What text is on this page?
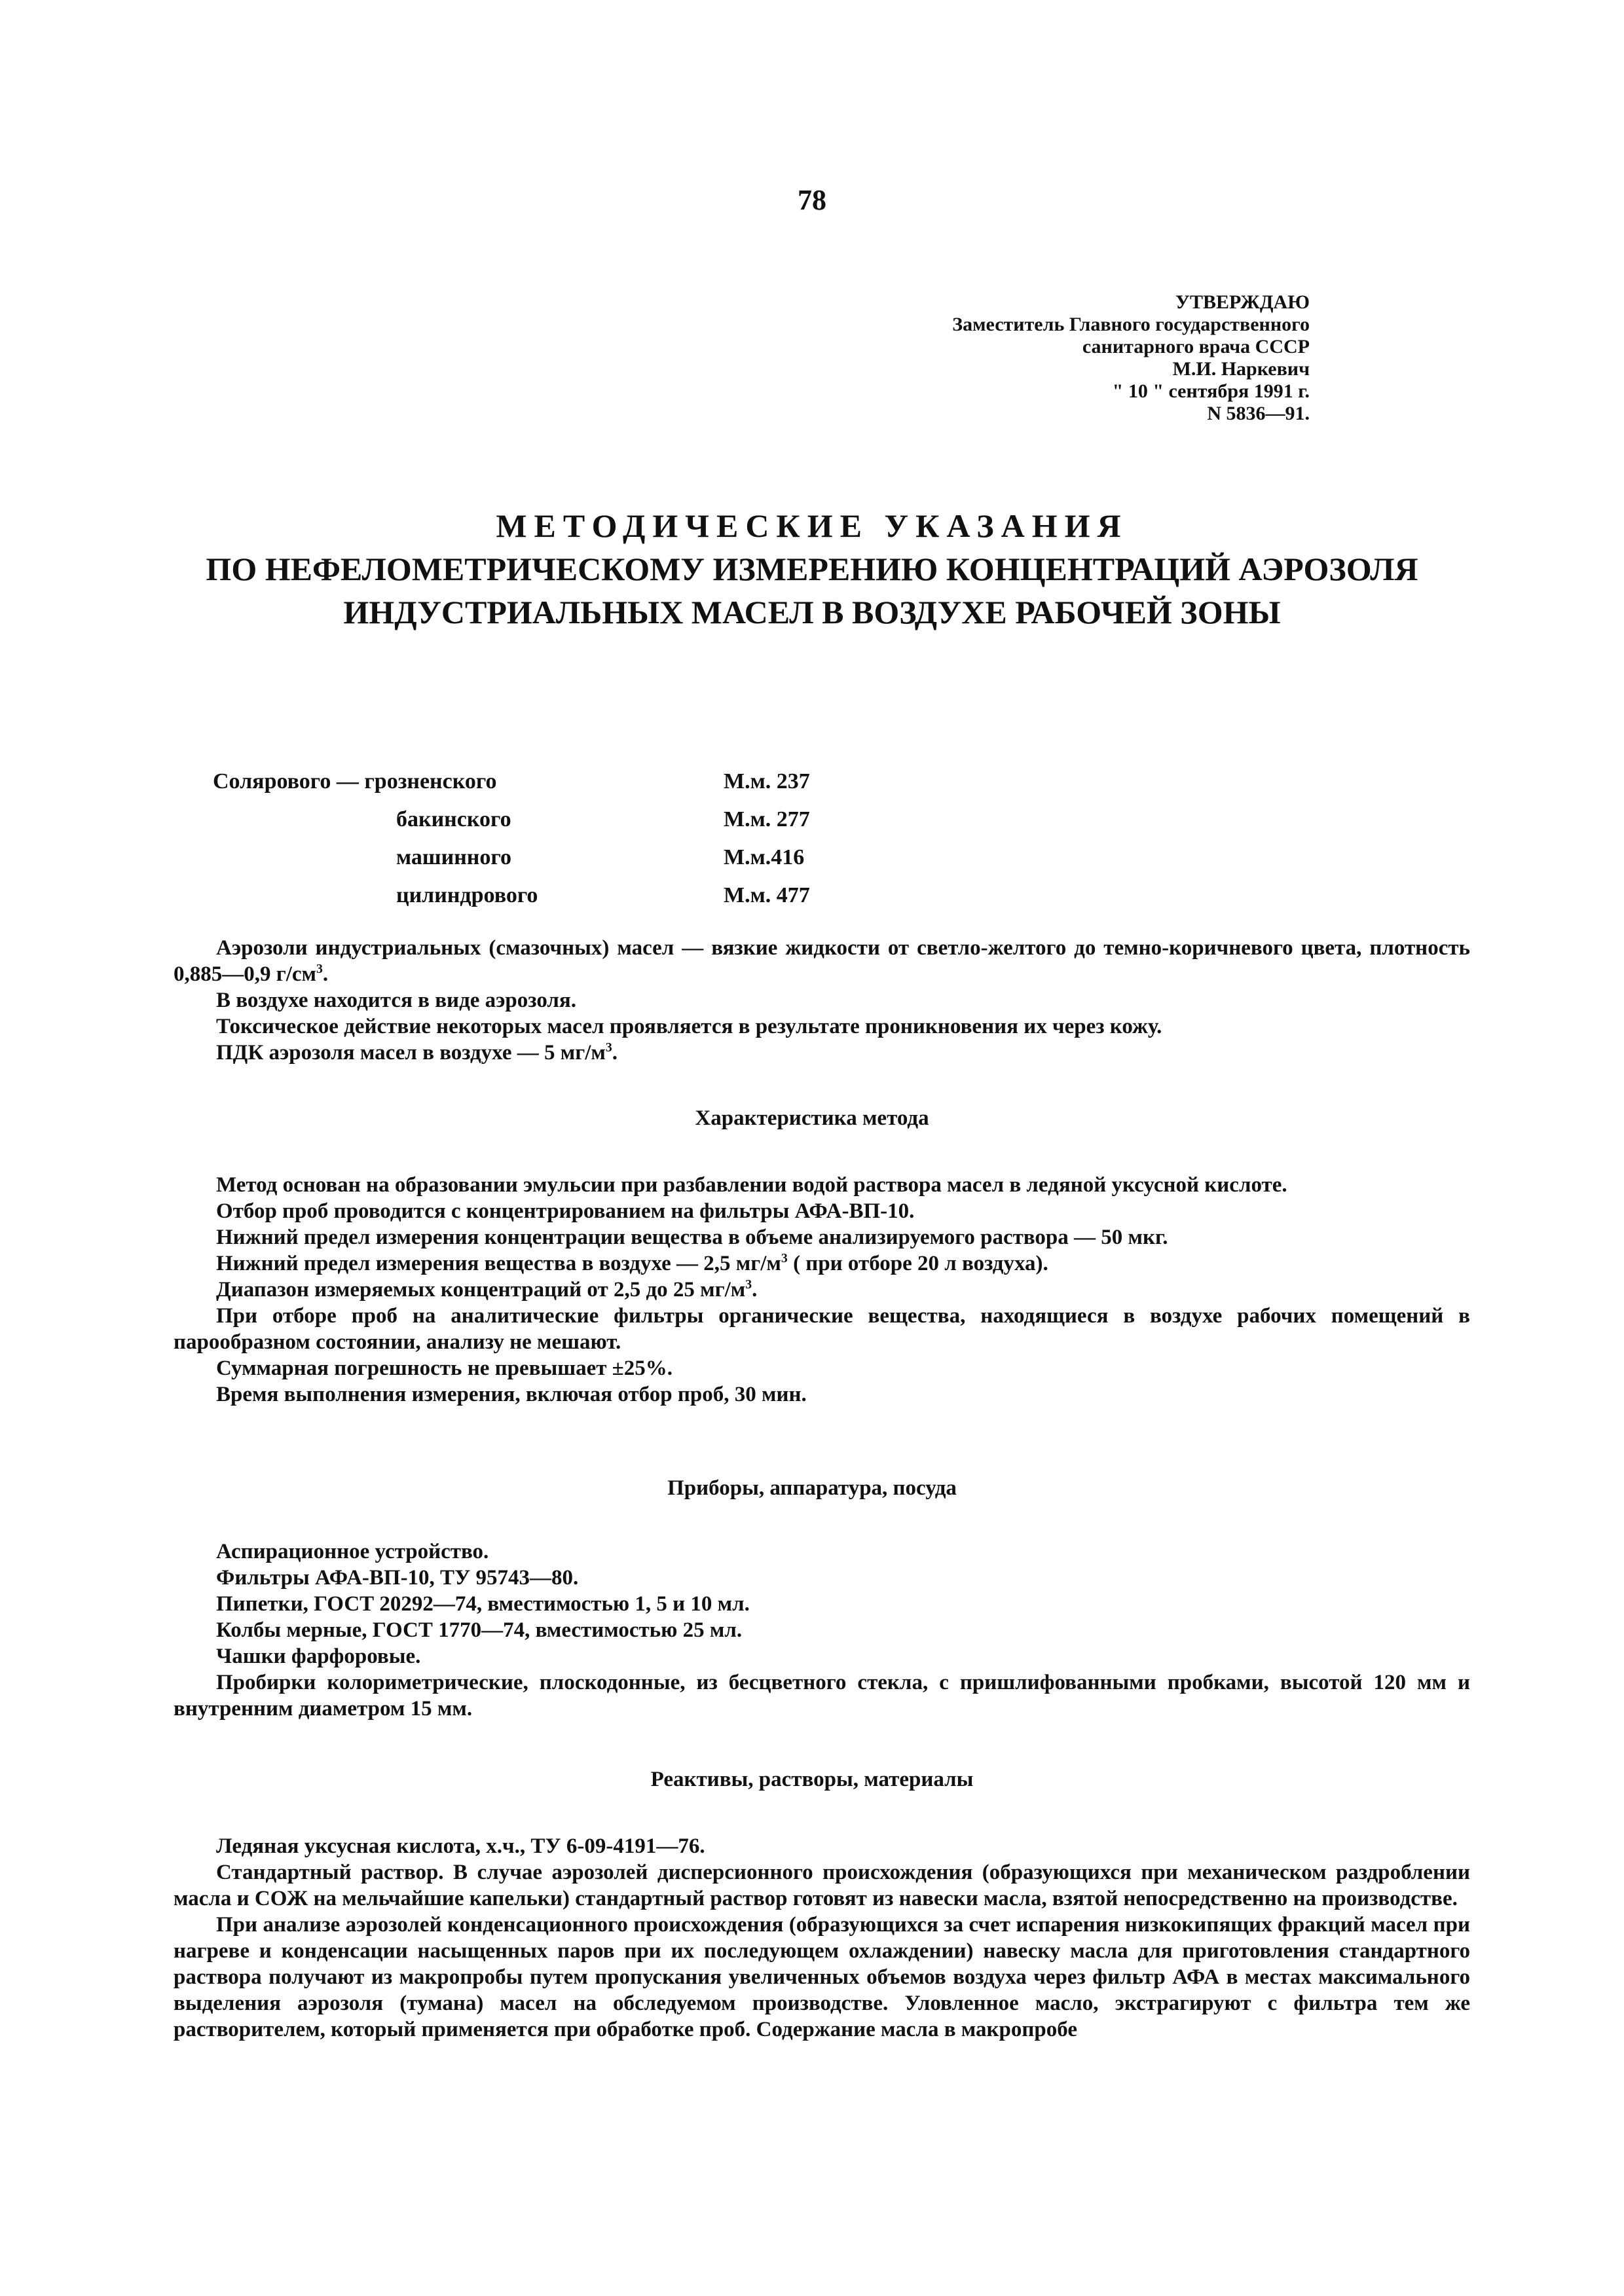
78
УТВЕРЖДАЮ
Заместитель Главного государственного
санитарного врача СССР
М.И. Наркевич
" 10 " сентября 1991 г.
N 5836—91.
МЕТОДИЧЕСКИЕ УКАЗАНИЯ
ПО НЕФЕЛОМЕТРИЧЕСКОМУ ИЗМЕРЕНИЮ КОНЦЕНТРАЦИЙ АЭРОЗОЛЯ
ИНДУСТРИАЛЬНЫХ МАСЕЛ В ВОЗДУХЕ РАБОЧЕЙ ЗОНЫ
Солярового — грозненского	М.м. 237
бакинского	М.м. 277
машинного	М.м.416
цилиндрового	М.м. 477

Аэрозоли индустриальных (смазочных) масел — вязкие жидкости от светло-желтого до темно-коричневого цвета, плотность 0,885—0,9 $г/см^3$.

В воздухе находится в виде аэрозоля.

Токсическое действие некоторых масел проявляется в результате проникновения их через кожу.

ПДК аэрозоля масел в воздухе — 5 $мг/м^3$.

Характеристика метода

Метод основан на образовании эмульсии при разбавлении водой раствора масел в ледяной уксусной кислоте.

Отбор проб проводится с концентрированием на фильтры АФА-ВП-10.

Нижний предел измерения концентрации вещества в объеме анализируемого раствора — 50 мкг.

Нижний предел измерения вещества в воздухе — 2,5 $мг/м^3$ ( при отборе 20 л воздуха).

Диапазон измеряемых концентраций от 2,5 до 25 $мг/м^3$.

При отборе проб на аналитические фильтры органические вещества, находящиеся в воздухе рабочих помещений в парообразном состоянии, анализу не мешают.

Суммарная погрешность не превышает ±25%.

Время выполнения измерения, включая отбор проб, 30 мин.

Приборы, аппаратура, посуда

Аспирационное устройство.

Фильтры АФА-ВП-10, ТУ 95743—80.

Пипетки, ГОСТ 20292—74, вместимостью 1, 5 и 10 мл.

Колбы мерные, ГОСТ 1770—74, вместимостью 25 мл.

Чашки фарфоровые.

Пробирки колориметрические, плоскодонные, из бесцветного стекла, с пришлифованными пробками, высотой 120 мм и внутренним диаметром 15 мм.

Реактивы, растворы, материалы

Ледяная уксусная кислота, х.ч., ТУ 6-09-4191—76.

Стандартный раствор. В случае аэрозолей дисперсионного происхождения (образующихся при механическом раздроблении масла и СОЖ на мельчайшие капельки) стандартный раствор готовят из навески масла, взятой непосредственно на производстве.

При анализе аэрозолей конденсационного происхождения (образующихся за счет испарения низкокипящих фракций масел при нагреве и конденсации насыщенных паров при их последующем охлаждении) навеску масла для приготовления стандартного раствора получают из макропробы путем пропускания увеличенных объемов воздуха через фильтр АФА в местах максимального выделения аэрозоля (тумана) масел на обследуемом производстве. Уловленное масло, экстрагируют с фильтра тем же растворителем, который применяется при обработке проб. Содержание масла в макропробе
